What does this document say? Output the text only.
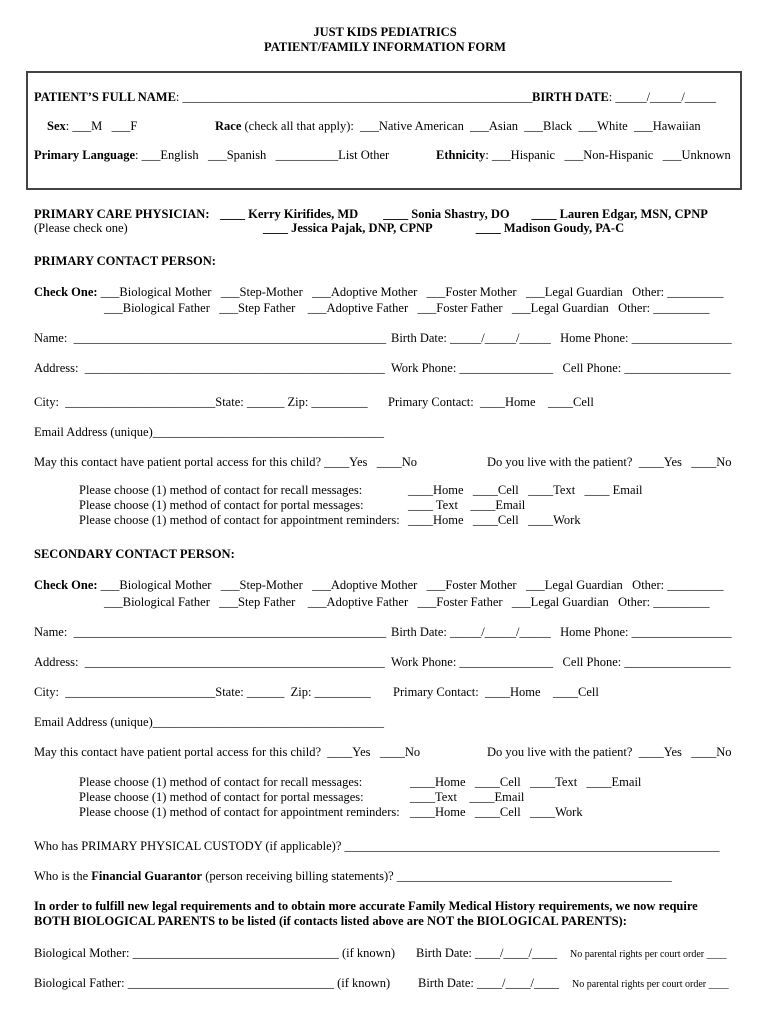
JUST KIDS PEDIATRICS
PATIENT/FAMILY INFORMATION FORM
PATIENT’S FULL NAME: ________________________________________________________ BIRTH DATE: _____/_____/_____
Sex: ___M   ___F	Race (check all that apply):  ___Native American  ___Asian  ___Black  ___White  ___Hawaiian
Primary Language: ___English   ___Spanish   __________List Other	Ethnicity: ___Hispanic   ___Non-Hispanic   ___Unknown
PRIMARY CARE PHYSICIAN: ____ Kerry Kirifides, MD        ____ Sonia Shastry, DO       ____ Lauren Edgar, MSN, CPNP
(Please check one)	____ Jessica Pajak, DNP, CPNP              ____ Madison Goudy, PA-C
PRIMARY CONTACT PERSON:
Check One: ___Biological Mother   ___Step-Mother   ___Adoptive Mother   ___Foster Mother   ___Legal Guardian   Other: _________
___Biological Father   ___Step Father    ___Adoptive Father   ___Foster Father   ___Legal Guardian   Other: _________
Name:  __________________________________________________ Birth Date: _____/_____/_____   Home Phone: ________________
Address:  ________________________________________________ Work Phone: _______________   Cell Phone: _________________
City:  ________________________State: ______ Zip: _________ Primary Contact:  ____Home    ____Cell
Email Address (unique)_____________________________________
May this contact have patient portal access for this child? ____Yes   ____No	Do you live with the patient?  ____Yes   ____No
Please choose (1) method of contact for recall messages:	____Home   ____Cell   ____Text   ____ Email
Please choose (1) method of contact for portal messages:	____ Text    ____Email
Please choose (1) method of contact for appointment reminders: ____Home   ____Cell   ____Work
SECONDARY CONTACT PERSON:
Check One: ___Biological Mother   ___Step-Mother   ___Adoptive Mother   ___Foster Mother   ___Legal Guardian   Other: _________
___Biological Father   ___Step Father    ___Adoptive Father   ___Foster Father   ___Legal Guardian   Other: _________
Name:  __________________________________________________ Birth Date: _____/_____/_____   Home Phone: ________________
Address:  ________________________________________________ Work Phone: _______________   Cell Phone: _________________
City:  ________________________State: ______  Zip: _________ Primary Contact:  ____Home    ____Cell
Email Address (unique)_____________________________________
May this contact have patient portal access for this child?  ____Yes   ____No	Do you live with the patient?  ____Yes   ____No
Please choose (1) method of contact for recall messages:	____Home   ____Cell   ____Text   ____Email
Please choose (1) method of contact for portal messages:	____Text    ____Email
Please choose (1) method of contact for appointment reminders: ____Home   ____Cell   ____Work
Who has PRIMARY PHYSICAL CUSTODY (if applicable)? ____________________________________________________________
Who is the Financial Guarantor (person receiving billing statements)? ____________________________________________
In order to fulfill new legal requirements and to obtain more accurate Family Medical History requirements, we now require
BOTH BIOLOGICAL PARENTS to be listed (if contacts listed above are NOT the BIOLOGICAL PARENTS):
Biological Mother: _________________________________ (if known) Birth Date: ____/____/____ No parental rights per court order ____
Biological Father: _________________________________ (if known) Birth Date: ____/____/____ No parental rights per court order ____
